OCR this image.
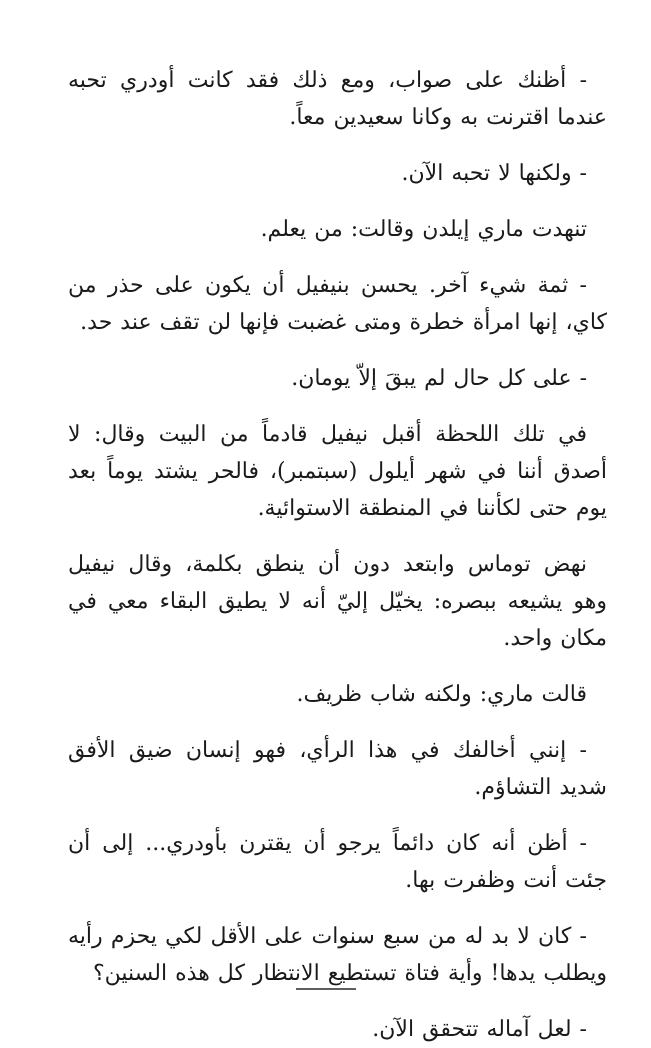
- أظنك على صواب، ومع ذلك فقد كانت أودري تحبه عندما اقترنت به وكانا سعيدين معاً.

- ولكنها لا تحبه الآن.

تنهدت ماري إيلدن وقالت: من يعلم.

- ثمة شيء آخر. يحسن بنيفيل أن يكون على حذر من كاي، إنها امرأة خطرة ومتى غضبت فإنها لن تقف عند حد.

- على كل حال لم يبقَ إلاّ يومان.

في تلك اللحظة أقبل نيفيل قادماً من البيت وقال: لا أصدق أننا في شهر أيلول (سبتمبر)، فالحر يشتد يوماً بعد يوم حتى لكأننا في المنطقة الاستوائية.

نهض توماس وابتعد دون أن ينطق بكلمة، وقال نيفيل وهو يشيعه ببصره: يخيّل إليّ أنه لا يطيق البقاء معي في مكان واحد.

قالت ماري: ولكنه شاب ظريف.

- إنني أخالفك في هذا الرأي، فهو إنسان ضيق الأفق شديد التشاؤم.

- أظن أنه كان دائماً يرجو أن يقترن بأودري... إلى أن جئت أنت وظفرت بها.

- كان لا بد له من سبع سنوات على الأقل لكي يحزم رأيه ويطلب يدها! وأية فتاة تستطيع الانتظار كل هذه السنين؟

- لعل آماله تتحقق الآن.
